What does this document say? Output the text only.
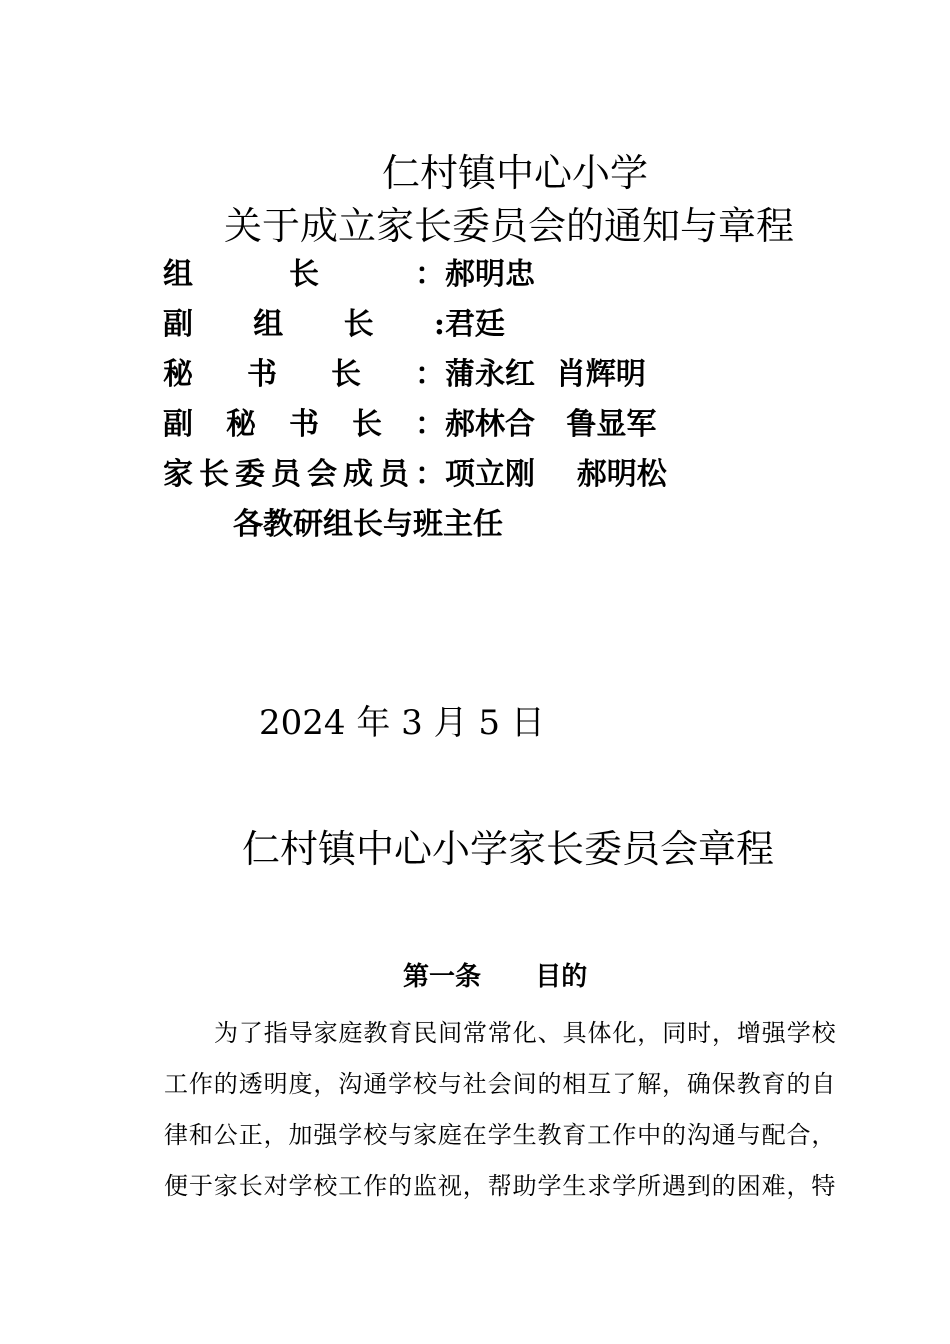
仁村镇中心小学
关于成立家长委员会的通知与章程
组长：郝明忠
副组长:君廷
秘书长：蒲永红  肖辉明
副秘书长：郝林合   鲁显军
家长委员会成员：项立刚    郝明松
各教研组长与班主任
2024 年 3 月 5 日
仁村镇中心小学家长委员会章程
第一条      目的
为了指导家庭教育民间常常化、具体化，同时，增强学校
工作的透明度，沟通学校与社会间的相互了解，确保教育的自
律和公正，加强学校与家庭在学生教育工作中的沟通与配合，
便于家长对学校工作的监视，帮助学生求学所遇到的困难，特
